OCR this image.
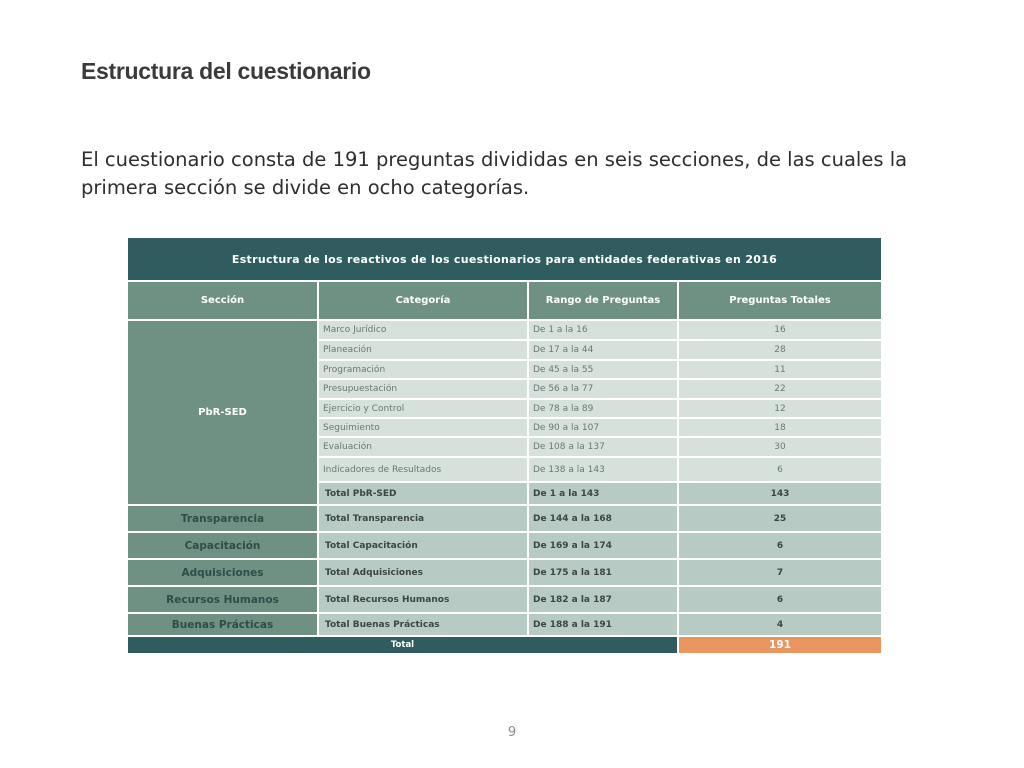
Estructura del cuestionario
El cuestionario consta de 191 preguntas divididas en seis secciones, de las cuales la primera sección se divide en ocho categorías.
Estructura de los reactivos de los cuestionarios para entidades federativas en 2016			
Sección	Categoría	Rango de Preguntas	Preguntas Totales
PbR-SED	Marco Jurídico	De 1 a la 16	16
	Planeación	De 17 a la 44	28
	Programación	De 45 a la 55	11
	Presupuestación	De 56 a la 77	22
	Ejercicio y Control	De 78 a la 89	12
	Seguimiento	De 90 a la 107	18
	Evaluación	De 108 a la 137	30
	Indicadores de Resultados	De 138 a la 143	6
	Total PbR-SED	De 1 a la 143	143
Transparencia	Total Transparencia	De 144 a la 168	25
Capacitación	Total Capacitación	De 169 a la 174	6
Adquisiciones	Total Adquisiciones	De 175 a la 181	7
Recursos Humanos	Total Recursos Humanos	De 182 a la 187	6
Buenas Prácticas	Total Buenas Prácticas	De 188 a la 191	4
Total			191
9
